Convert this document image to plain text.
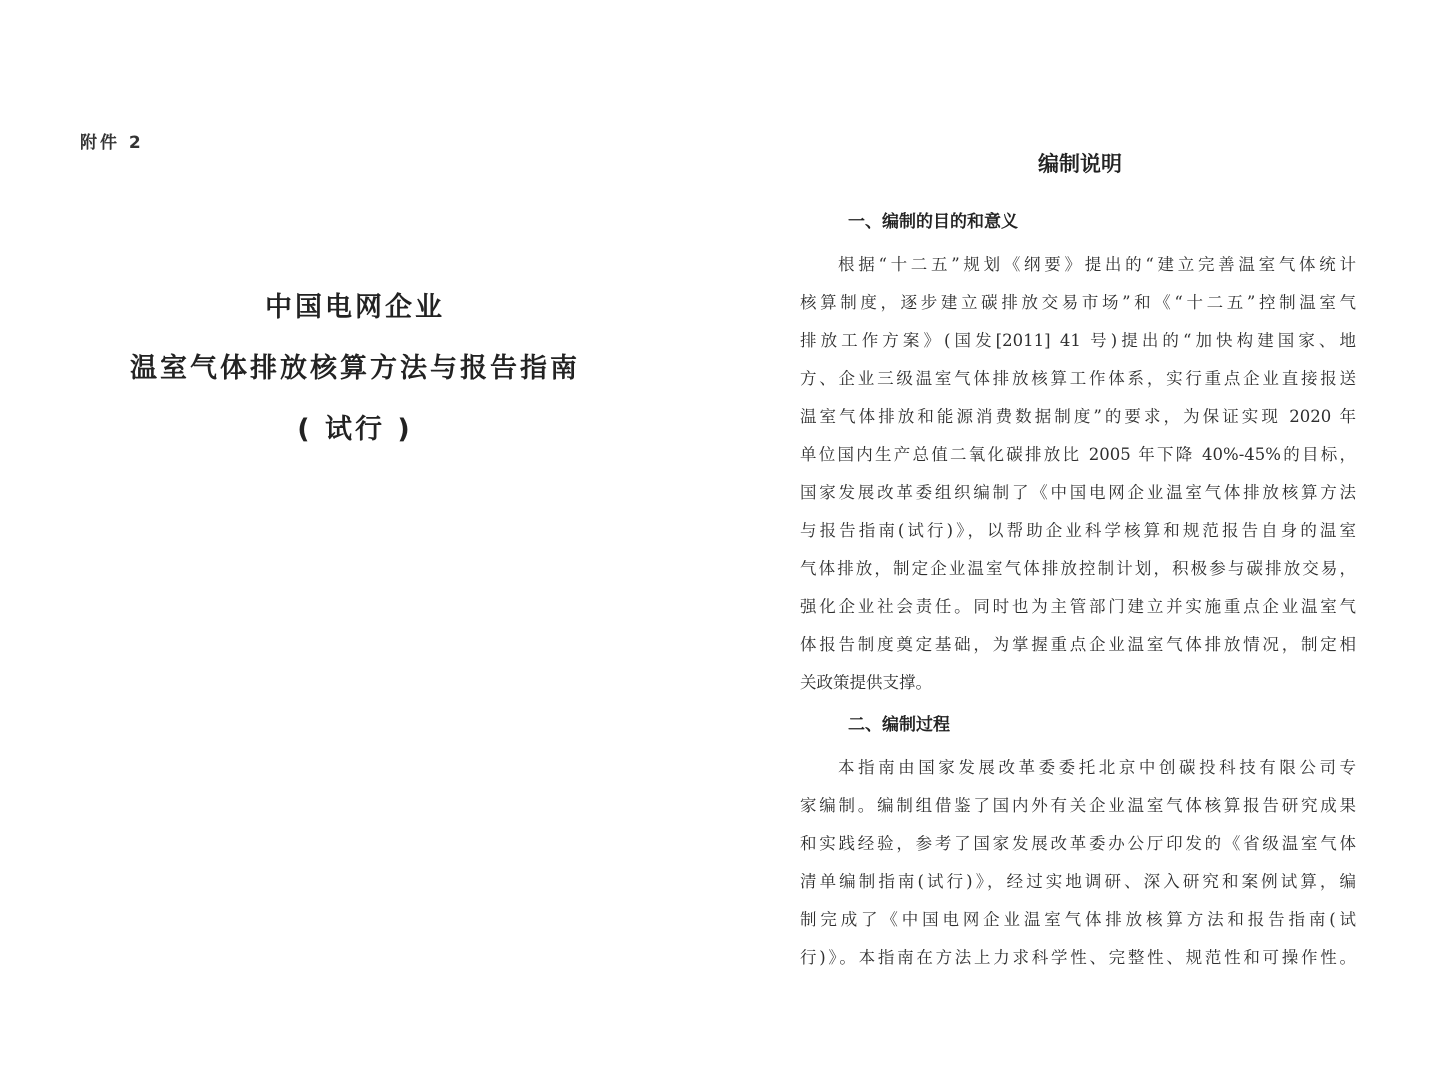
附件 2
中国电网企业
温室气体排放核算方法与报告指南
( 试行 )
编制说明
一、编制的目的和意义
根据“十二五”规划《纲要》提出的“建立完善温室气体统计
核算制度，逐步建立碳排放交易市场”和《“十二五”控制温室气
排放工作方案》(国发[2011] 41 号)提出的“加快构建国家、地
方、企业三级温室气体排放核算工作体系，实行重点企业直接报送
温室气体排放和能源消费数据制度”的要求，为保证实现 2020 年
单位国内生产总值二氧化碳排放比 2005 年下降 40%-45%的目标，
国家发展改革委组织编制了《中国电网企业温室气体排放核算方法
与报告指南(试行)》，以帮助企业科学核算和规范报告自身的温室
气体排放，制定企业温室气体排放控制计划，积极参与碳排放交易，
强化企业社会责任。同时也为主管部门建立并实施重点企业温室气
体报告制度奠定基础，为掌握重点企业温室气体排放情况，制定相
关政策提供支撑。
二、编制过程
本指南由国家发展改革委委托北京中创碳投科技有限公司专
家编制。编制组借鉴了国内外有关企业温室气体核算报告研究成果
和实践经验，参考了国家发展改革委办公厅印发的《省级温室气体
清单编制指南(试行)》，经过实地调研、深入研究和案例试算，编
制完成了《中国电网企业温室气体排放核算方法和报告指南(试
行)》。本指南在方法上力求科学性、完整性、规范性和可操作性。
